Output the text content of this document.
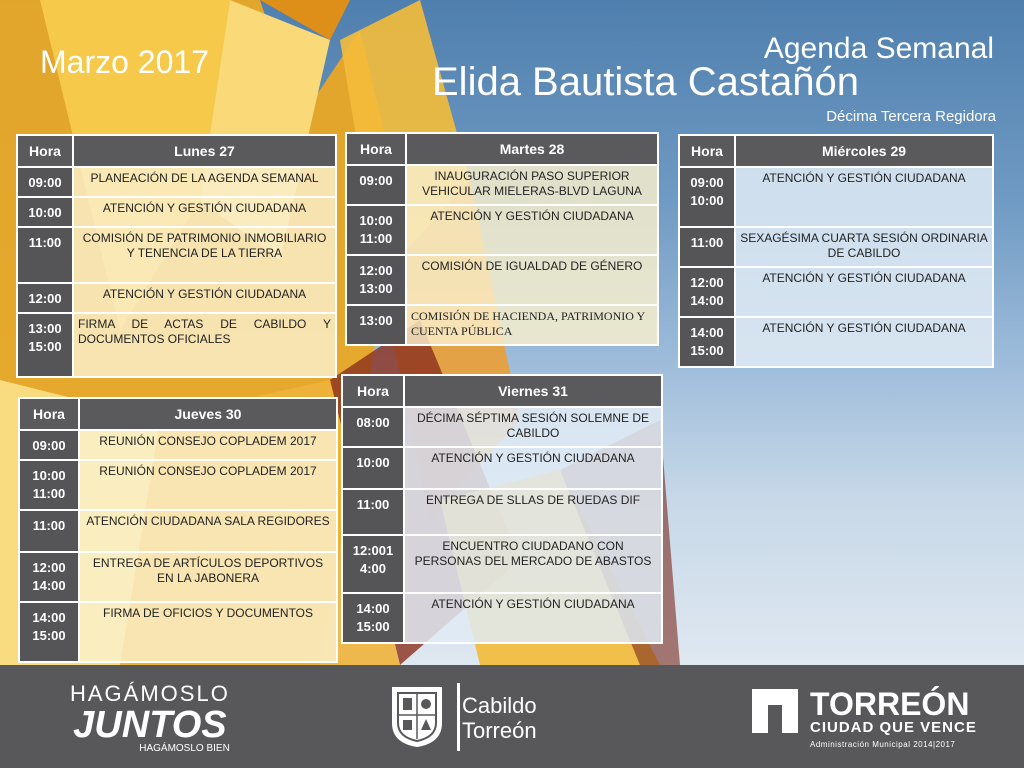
Marzo 2017	Agenda Semanal
Elida Bautista Castañón
Décima Tercera Regidora
Hora	Lunes 27
09:00	PLANEACIÓN DE LA AGENDA SEMANAL
10:00	ATENCIÓN Y GESTIÓN CIUDADANA
11:00	COMISIÓN DE PATRIMONIO INMOBILIARIO Y TENENCIA DE LA TIERRA
12:00	ATENCIÓN Y GESTIÓN CIUDADANA
13:00 15:00	FIRMA DE ACTAS DE CABILDO Y DOCUMENTOS OFICIALES
Hora	Martes 28
09:00	INAUGURACIÓN PASO SUPERIOR VEHICULAR MIELERAS-BLVD LAGUNA
10:00 11:00	ATENCIÓN Y GESTIÓN CIUDADANA
12:00 13:00	COMISIÓN DE IGUALDAD DE GÉNERO
13:00	COMISIÓN DE HACIENDA, PATRIMONIO Y CUENTA PÚBLICA
Hora	Miércoles 29
09:00 10:00	ATENCIÓN Y GESTIÓN CIUDADANA
11:00	SEXAGÉSIMA CUARTA SESIÓN ORDINARIA DE CABILDO
12:00 14:00	ATENCIÓN Y GESTIÓN CIUDADANA
14:00 15:00	ATENCIÓN Y GESTIÓN CIUDADANA
Hora	Jueves 30
09:00	REUNIÓN CONSEJO COPLADEM 2017
10:00 11:00	REUNIÓN CONSEJO COPLADEM 2017
11:00	ATENCIÓN CIUDADANA SALA REGIDORES
12:00 14:00	ENTREGA DE ARTÍCULOS DEPORTIVOS EN LA JABONERA
14:00 15:00	FIRMA DE OFICIOS Y DOCUMENTOS
Hora	Viernes 31
08:00	DÉCIMA SÉPTIMA SESIÓN SOLEMNE DE CABILDO
10:00	ATENCIÓN Y GESTIÓN CIUDADANA
11:00	ENTREGA DE SLLAS DE RUEDAS DIF
12:001 4:00	ENCUENTRO CIUDADANO CON PERSONAS DEL MERCADO DE ABASTOS
14:00 15:00	ATENCIÓN Y GESTIÓN CIUDADANA
HAGÁMOSLO
JUNTOS
HAGÁMOSLO BIEN
Cabildo
Torreón
TORREÓN
CIUDAD QUE VENCE
Administración Municipal 2014|2017
